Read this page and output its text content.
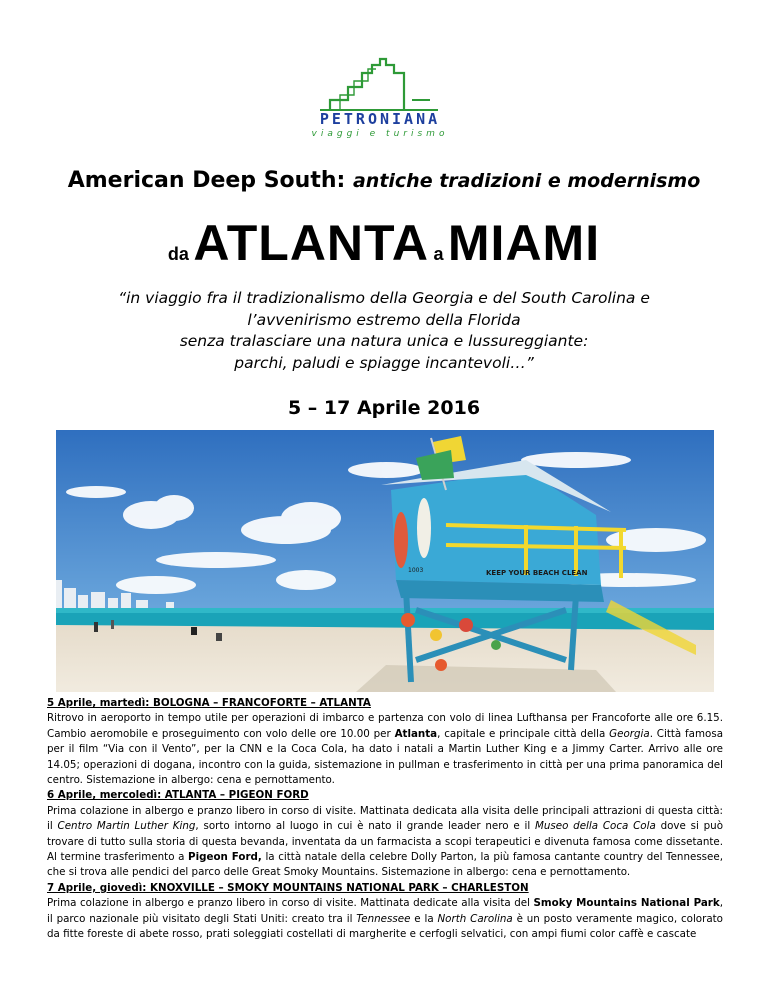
PETRONIANA
viaggi e turismo
American Deep South: antiche tradizioni e modernismo
da ATLANTA a MIAMI
“in viaggio fra il tradizionalismo della Georgia e del South Carolina e
l’avvenirismo estremo della Florida
senza tralasciare una natura unica e lussureggiante:
parchi, paludi e spiagge incantevoli…”
5 – 17 Aprile 2016
KEEP YOUR BEACH CLEAN
1003
5 Aprile, martedì: BOLOGNA – FRANCOFORTE – ATLANTA

Ritrovo in aeroporto in tempo utile per operazioni di imbarco e partenza con volo di linea Lufthansa per Francoforte alle ore 6.15. Cambio aeromobile e proseguimento con volo delle ore 10.00 per Atlanta, capitale e principale città della Georgia. Città famosa per il film “Via con il Vento”, per la CNN e la Coca Cola, ha dato i natali a Martin Luther King e a Jimmy Carter. Arrivo alle ore 14.05; operazioni di dogana, incontro con la guida, sistemazione in pullman e trasferimento in città per una prima panoramica del centro. Sistemazione in albergo: cena e pernottamento.

6 Aprile, mercoledì: ATLANTA – PIGEON FORD

Prima colazione in albergo e pranzo libero in corso di visite. Mattinata dedicata alla visita delle principali attrazioni di questa città: il Centro Martin Luther King, sorto intorno al luogo in cui è nato il grande leader nero e il Museo della Coca Cola dove si può trovare di tutto sulla storia di questa bevanda, inventata da un farmacista a scopi terapeutici e divenuta famosa come dissetante. Al termine trasferimento a Pigeon Ford, la città natale della celebre Dolly Parton, la più famosa cantante country del Tennessee, che si trova alle pendici del parco delle Great Smoky Mountains. Sistemazione in albergo: cena e pernottamento.

7 Aprile, giovedì: KNOXVILLE – SMOKY MOUNTAINS NATIONAL PARK – CHARLESTON

Prima colazione in albergo e pranzo libero in corso di visite. Mattinata dedicate alla visita del Smoky Mountains National Park, il parco nazionale più visitato degli Stati Uniti: creato tra il Tennessee e la North Carolina è un posto veramente magico, colorato da fitte foreste di abete rosso, prati soleggiati costellati di margherite e cerfogli selvatici, con ampi fiumi color caffè e cascate
